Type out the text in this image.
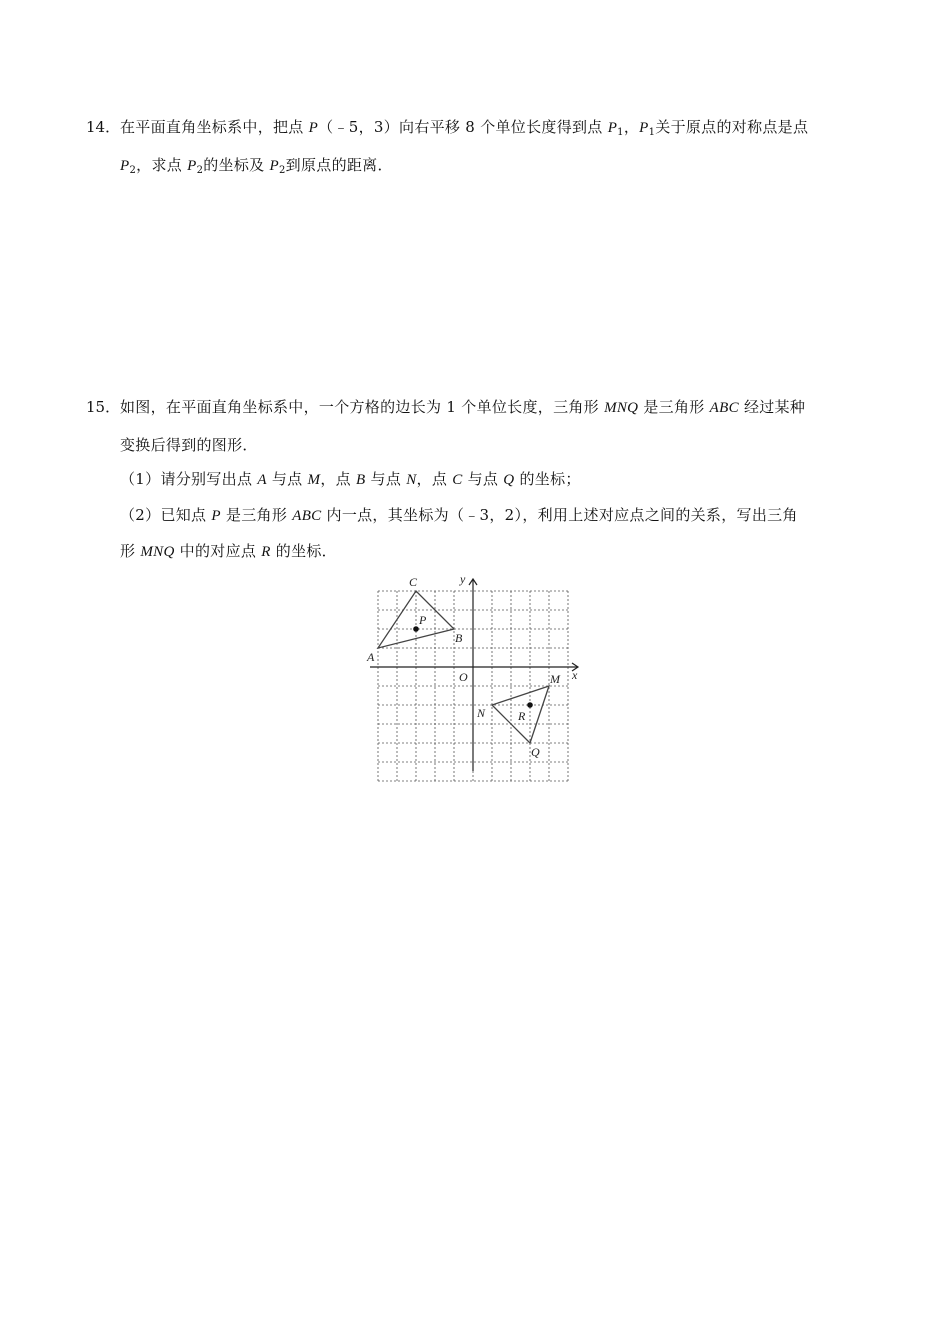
14． 在平面直角坐标系中，把点 P（﹣5，3）向右平移 8 个单位长度得到点 $P_1$，$P_1$关于原点的对称点是点
$P_2$，求点 $P_2$的坐标及 $P_2$到原点的距离．
15． 如图，在平面直角坐标系中，一个方格的边长为 1 个单位长度，三角形 MNQ 是三角形 ABC 经过某种
变换后得到的图形．
（1）请分别写出点 A 与点 M，点 B 与点 N，点 C 与点 Q 的坐标；
（2）已知点 P 是三角形 ABC 内一点，其坐标为（﹣3，2），利用上述对应点之间的关系，写出三角
形 MNQ 中的对应点 R 的坐标．
A
B
C
P
M
N
Q
R
x
y
O
